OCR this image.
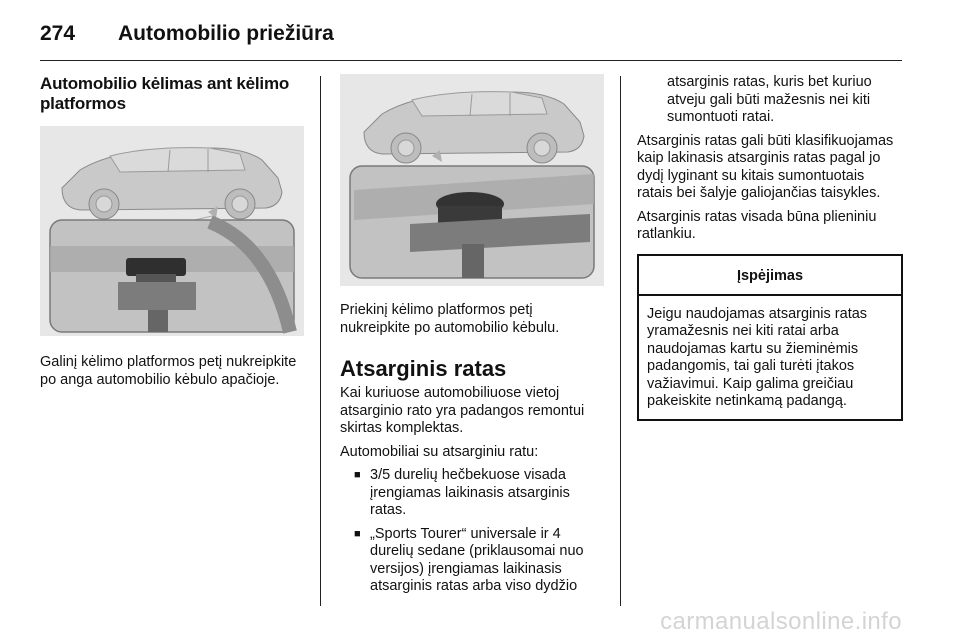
274 Automobilio priežiūra
Automobilio kėlimas ant kėlimo platformos

Galinį kėlimo platformos petį nukreipkite po anga automobilio kėbulo apačioje.

Priekinį kėlimo platformos petį nukreipkite po automobilio kėbulu.

Atsarginis ratas

Kai kuriuose automobiliuose vietoj atsarginio rato yra padangos remontui skirtas komplektas.

Automobiliai su atsarginiu ratu:

■ 3/5 durelių hečbekuose visada įrengiamas laikinasis atsarginis ratas.
■ „Sports Tourer“ universale ir 4 durelių sedane (priklausomai nuo versijos) įrengiamas laikinasis atsarginis ratas arba viso dydžio

atsarginis ratas, kuris bet kuriuo atveju gali būti mažesnis nei kiti sumontuoti ratai.

Atsarginis ratas gali būti klasifikuojamas kaip lakinasis atsarginis ratas pagal jo dydį lyginant su kitais sumontuotais ratais bei šalyje galiojančias taisykles.

Atsarginis ratas visada būna plieniniu ratlankiu.

Įspėjimas
Jeigu naudojamas atsarginis ratas yramažesnis nei kiti ratai arba naudojamas kartu su žieminėmis padangomis, tai gali turėti įtakos važiavimui. Kaip galima greičiau pakeiskite netinkamą padangą.
carmanualsonline.info
